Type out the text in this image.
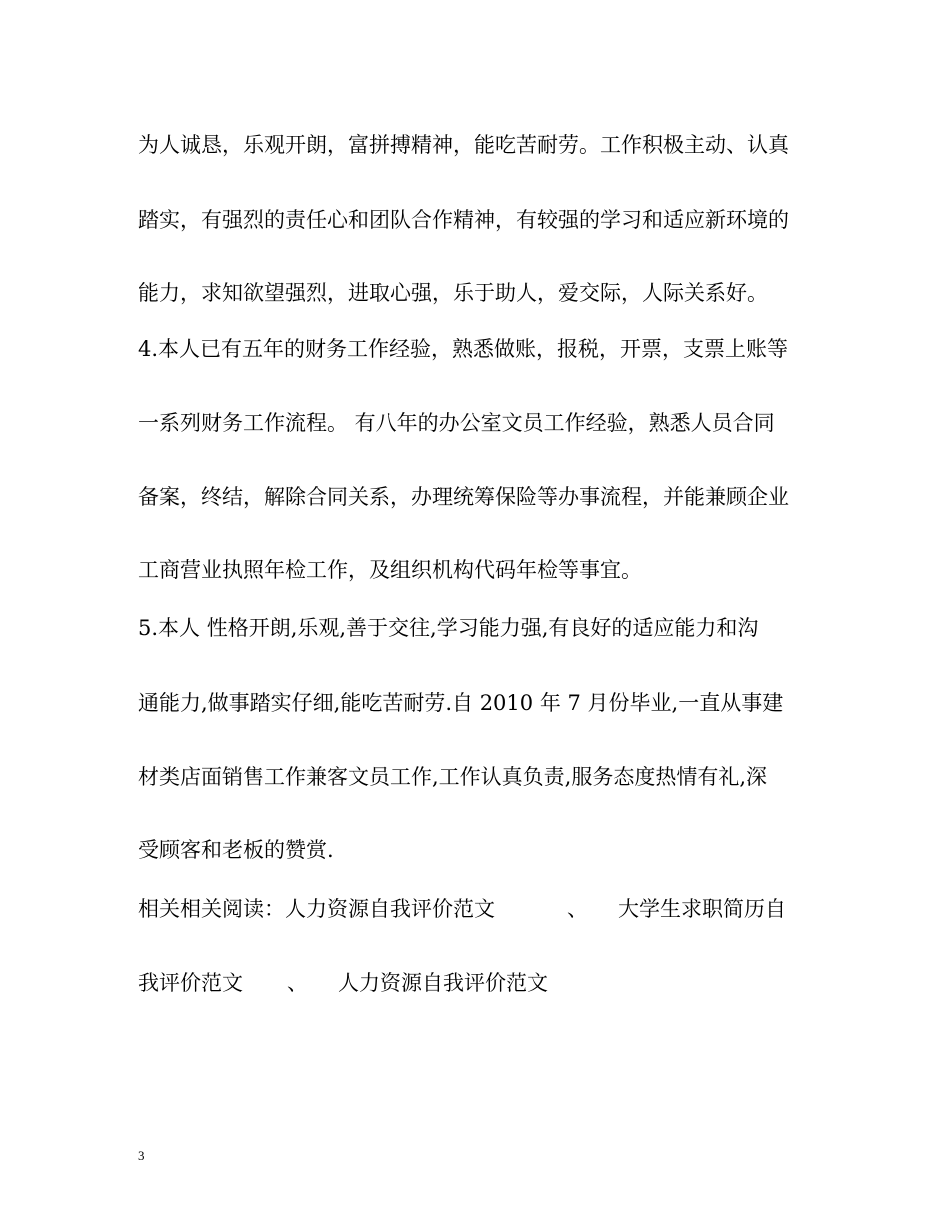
为人诚恳，乐观开朗，富拼搏精神，能吃苦耐劳。工作积极主动、认真

踏实，有强烈的责任心和团队合作精神，有较强的学习和适应新环境的

能力，求知欲望强烈，进取心强，乐于助人，爱交际，人际关系好。

4.本人已有五年的财务工作经验，熟悉做账，报税，开票，支票上账等

一系列财务工作流程。 有八年的办公室文员工作经验，熟悉人员合同

备案，终结，解除合同关系，办理统筹保险等办事流程，并能兼顾企业

工商营业执照年检工作，及组织机构代码年检等事宜。

5.本人 性格开朗,乐观,善于交往,学习能力强,有良好的适应能力和沟

通能力,做事踏实仔细,能吃苦耐劳.自 2010 年 7 月份毕业,一直从事建

材类店面销售工作兼客文员工作,工作认真负责,服务态度热情有礼,深

受顾客和老板的赞赏.

相关相关阅读：人力资源自我评价范文	、 大学生求职简历自

我评价范文 、 人力资源自我评价范文

3
